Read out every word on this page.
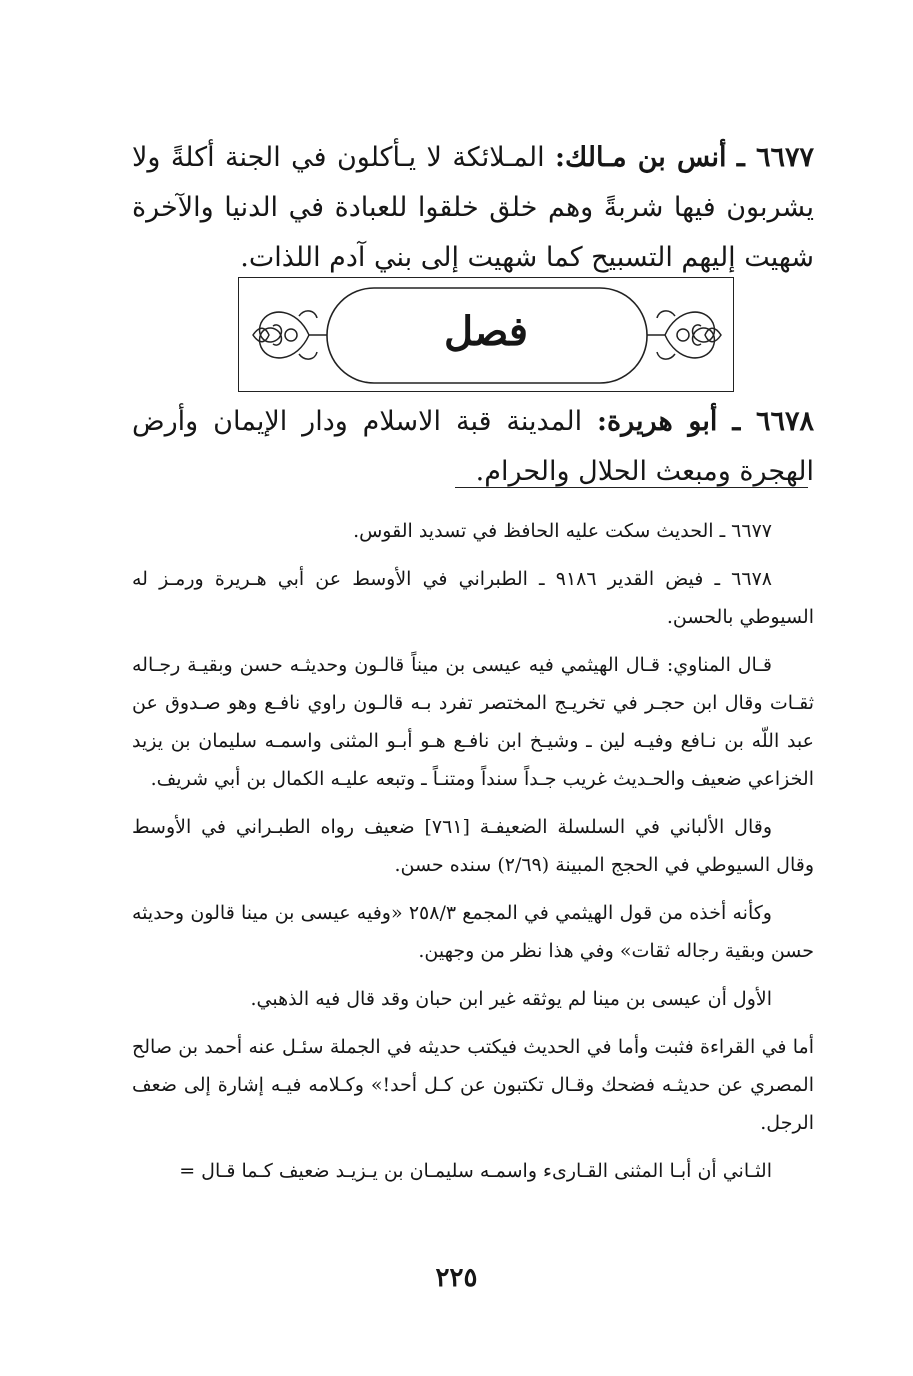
٦٦٧٧ ـ أنس بن مـالك: المـلائكة لا يـأكلون في الجنة أكلةً ولا يشربون فيها شربةً وهم خلق خلقوا للعبادة في الدنيا والآخرة شهيت إليهم التسبيح كما شهيت إلى بني آدم اللذات.

فصل

٦٦٧٨ ـ أبو هريرة: المدينة قبة الاسلام ودار الإيمان وأرض الهجرة ومبعث الحلال والحرام.

٦٦٧٧ ـ الحديث سكت عليه الحافظ في تسديد القوس.

٦٦٧٨ ـ فيض القدير ٩١٨٦ ـ الطبراني في الأوسط عن أبي هـريرة ورمـز له السيوطي بالحسن.

قـال المناوي: قـال الهيثمي فيه عيسى بن ميناً قالـون وحديثـه حسن وبقيـة رجـاله ثقـات وقال ابن حجـر في تخريـج المختصر تفرد بـه قالـون راوي نافـع وهو صـدوق عن عبد اللّه بن نـافع وفيـه لين ـ وشيـخ ابن نافـع هـو أبـو المثنى واسمـه سليمان بن يزيد الخزاعي ضعيف والحـديث غريب جـداً سنداً ومتنـاً ـ وتبعه عليـه الكمال بن أبي شريف.

وقال الألباني في السلسلة الضعيفـة [٧٦١] ضعيف رواه الطبـراني في الأوسط وقال السيوطي في الحجج المبينة (٢/٦٩) سنده حسن.

وكأنه أخذه من قول الهيثمي في المجمع ٢٥٨/٣ «وفيه عيسى بن مينا قالون وحديثه حسن وبقية رجاله ثقات» وفي هذا نظر من وجهين.

الأول أن عيسى بن مينا لم يوثقه غير ابن حبان وقد قال فيه الذهبي.

أما في القراءة فثبت وأما في الحديث فيكتب حديثه في الجملة سئـل عنه أحمد بن صالح المصري عن حديثـه فضحك وقـال تكتبون عن كـل أحد!» وكـلامه فيـه إشارة إلى ضعف الرجل.

الثـاني أن أبـا المثنى القـارىء واسمـه سليمـان بن يـزيـد ضعيف كـما قـال =

٢٢٥
